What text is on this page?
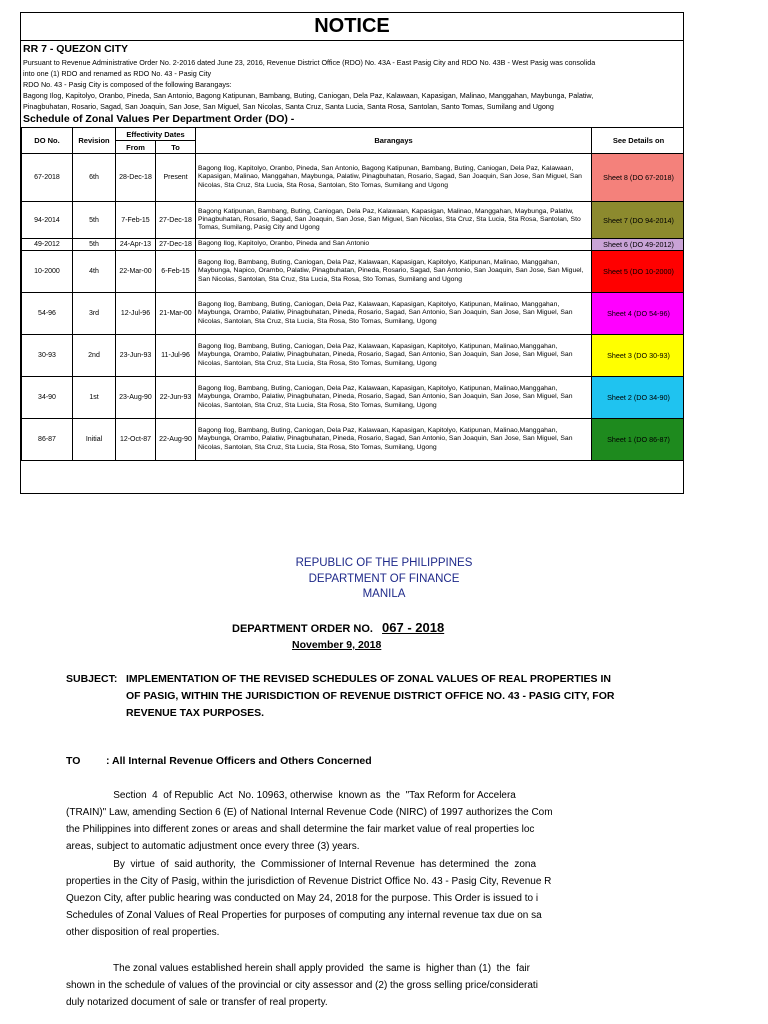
NOTICE
RR 7 - QUEZON CITY
Pursuant to Revenue Administrative Order No. 2-2016 dated June 23, 2016, Revenue District Office (RDO) No. 43A - East Pasig City and RDO No. 43B - West Pasig was consolida
into one (1) RDO and renamed as RDO No. 43 - Pasig City
RDO No. 43 - Pasig City is composed of the following Barangays:
Bagong Ilog, Kapitolyo, Oranbo, Pineda, San Antonio, Bagong Katipunan, Bambang, Buting, Caniogan, Dela Paz, Kalawaan, Kapasigan, Malinao, Manggahan, Maybunga, Palatiw,
Pinagbuhatan, Rosario, Sagad, San Joaquin, San Jose, San Miguel, San Nicolas, Santa Cruz, Santa Lucia, Santa Rosa, Santolan, Santo Tomas, Sumilang and Ugong
Schedule of Zonal Values Per Department Order (DO) -
DO No.	Revision	Effectivity Dates		Barangays	See Details on
		From	To		
67-2018	6th	28-Dec-18	Present	Bagong Ilog, Kapitolyo, Oranbo, Pineda, San Antonio, Bagong Katipunan, Bambang, Buting, Caniogan, Dela Paz, Kalawaan, Kapasigan, Malinao, Manggahan, Maybunga, Palatiw, Pinagbuhatan, Rosario, Sagad, San Joaquin, San Jose, San Miguel, San Nicolas, Sta Cruz, Sta Lucia, Sta Rosa, Santolan, Sto Tomas, Sumilang and Ugong	Sheet 8 (DO 67-2018)
94-2014	5th	7-Feb-15	27-Dec-18	Bagong Katipunan, Bambang, Buting, Caniogan, Dela Paz, Kalawaan, Kapasigan, Malinao, Manggahan, Maybunga, Palatiw, Pinagbuhatan, Rosario, Sagad, San Joaquin, San Jose, San Miguel, San Nicolas, Sta Cruz, Sta Lucia, Sta Rosa, Santolan, Sto Tomas, Sumilang, Pasig City and Ugong	Sheet 7 (DO 94-2014)
49-2012	5th	24-Apr-13	27-Dec-18	Bagong Ilog, Kapitolyo, Oranbo, Pineda and San Antonio	Sheet 6 (DO 49-2012)
10-2000	4th	22-Mar-00	6-Feb-15	Bagong Ilog, Bambang, Buting, Caniogan, Dela Paz, Kalawaan, Kapasigan, Kapitolyo, Katipunan, Malinao, Manggahan, Maybunga, Napico, Orambo, Palatiw, Pinagbuhatan, Pineda, Rosario, Sagad, San Antonio, San Joaquin, San Jose, San Miguel, San Nicolas, Santolan, Sta Cruz, Sta Lucia, Sta Rosa, Sto Tomas, Sumilang and Ugong	Sheet 5 (DO 10-2000)
54-96	3rd	12-Jul-96	21-Mar-00	Bagong Ilog, Bambang, Buting, Caniogan, Dela Paz, Kalawaan, Kapasigan, Kapitolyo, Katipunan, Malinao, Manggahan, Maybunga, Orambo, Palatiw, Pinagbuhatan, Pineda, Rosario, Sagad, San Antonio, San Joaquin, San Jose, San Miguel, San Nicolas, Santolan, Sta Cruz, Sta Lucia, Sta Rosa, Sto Tomas, Sumilang, Ugong	Sheet 4 (DO 54-96)
30-93	2nd	23-Jun-93	11-Jul-96	Bagong Ilog, Bambang, Buting, Caniogan, Dela Paz, Kalawaan, Kapasigan, Kapitolyo, Katipunan, Malinao,Manggahan, Maybunga, Orambo, Palatiw, Pinagbuhatan, Pineda, Rosario, Sagad, San Antonio, San Joaquin, San Jose, San Miguel, San Nicolas, Santolan, Sta Cruz, Sta Lucia, Sta Rosa, Sto Tomas, Sumilang, Ugong	Sheet 3 (DO 30-93)
34-90	1st	23-Aug-90	22-Jun-93	Bagong Ilog, Bambang, Buting, Caniogan, Dela Paz, Kalawaan, Kapasigan, Kapitolyo, Katipunan, Malinao,Manggahan, Maybunga, Orambo, Palatiw, Pinagbuhatan, Pineda, Rosario, Sagad, San Antonio, San Joaquin, San Jose, San Miguel, San Nicolas, Santolan, Sta Cruz, Sta Lucia, Sta Rosa, Sto Tomas, Sumilang, Ugong	Sheet 2 (DO 34-90)
86-87	Initial	12-Oct-87	22-Aug-90	Bagong Ilog, Bambang, Buting, Caniogan, Dela Paz, Kalawaan, Kapasigan, Kapitolyo, Katipunan, Malinao,Manggahan, Maybunga, Orambo, Palatiw, Pinagbuhatan, Pineda, Rosario, Sagad, San Antonio, San Joaquin, San Jose, San Miguel, San Nicolas, Santolan, Sta Cruz, Sta Lucia, Sta Rosa, Sto Tomas, Sumilang, Ugong	Sheet 1 (DO 86-87)
REPUBLIC OF THE PHILIPPINES
DEPARTMENT OF FINANCE
MANILA
DEPARTMENT ORDER NO. 067 - 2018
November 9, 2018
SUBJECT: IMPLEMENTATION OF THE REVISED SCHEDULES OF ZONAL VALUES OF REAL PROPERTIES IN
OF PASIG, WITHIN THE JURISDICTION OF REVENUE DISTRICT OFFICE NO. 43 - PASIG CITY, FOR
REVENUE TAX PURPOSES.
TO : All Internal Revenue Officers and Others Concerned
Section  4  of Republic  Act  No. 10963, otherwise  known as  the  "Tax Reform for Accelera
(TRAIN)" Law, amending Section 6 (E) of National Internal Revenue Code (NIRC) of 1997 authorizes the Com
the Philippines into different zones or areas and shall determine the fair market value of real properties loc
areas, subject to automatic adjustment once every three (3) years.
By  virtue  of  said authority,  the  Commissioner of Internal Revenue  has determined  the  zona
properties in the City of Pasig, within the jurisdiction of Revenue District Office No. 43 - Pasig City, Revenue R
Quezon City, after public hearing was conducted on May 24, 2018 for the purpose. This Order is issued to i
Schedules of Zonal Values of Real Properties for purposes of computing any internal revenue tax due on sa
other disposition of real properties.
The zonal values established herein shall apply provided  the same is  higher than (1)  the  fair
shown in the schedule of values of the provincial or city assessor and (2) the gross selling price/considerati
duly notarized document of sale or transfer of real property.
